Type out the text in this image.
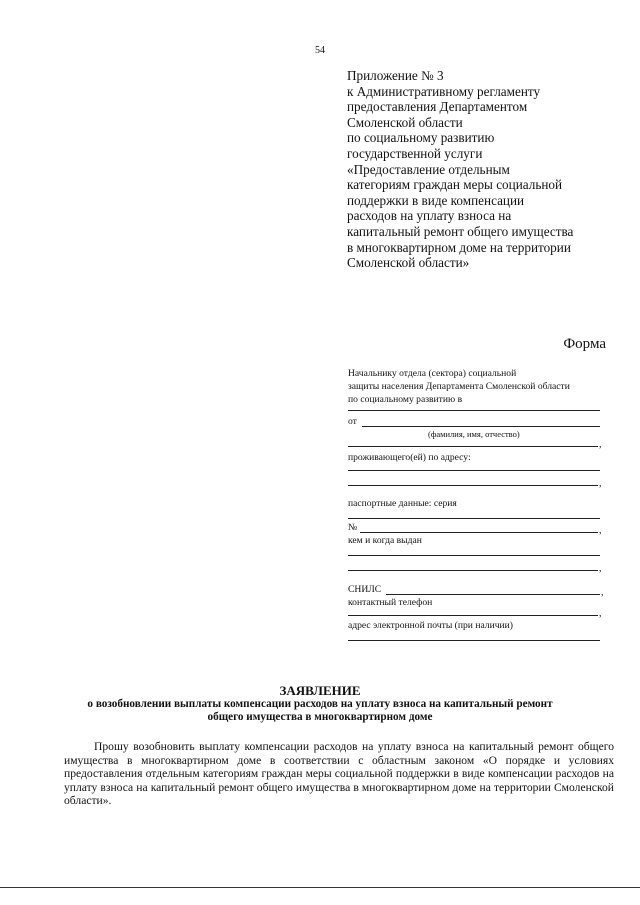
54
Приложение № 3
к Административному регламенту
предоставления Департаментом
Смоленской области
по социальному развитию
государственной услуги
«Предоставление отдельным
категориям граждан меры социальной
поддержки в виде компенсации
расходов на уплату взноса на
капитальный ремонт общего имущества
в многоквартирном доме на территории
Смоленской области»
Форма
Начальнику отдела (сектора) социальной
защиты населения Департамента Смоленской области
по социальному развитию в
от
(фамилия, имя, отчество)
,
проживающего(ей) по адресу:
,
паспортные данные: серия
№	,
кем и когда выдан
,
СНИЛС	,
контактный телефон
,
адрес электронной почты (при наличии)
ЗАЯВЛЕНИЕ
о возобновлении выплаты компенсации расходов на уплату взноса на капитальный ремонт
общего имущества в многоквартирном доме

Прошу возобновить выплату компенсации расходов на уплату взноса на капитальный ремонт общего имущества в многоквартирном доме в соответствии с областным законом «О порядке и условиях предоставления отдельным категориям граждан меры социальной поддержки в виде компенсации расходов на уплату взноса на капитальный ремонт общего имущества в многоквартирном доме на территории Смоленской области».
